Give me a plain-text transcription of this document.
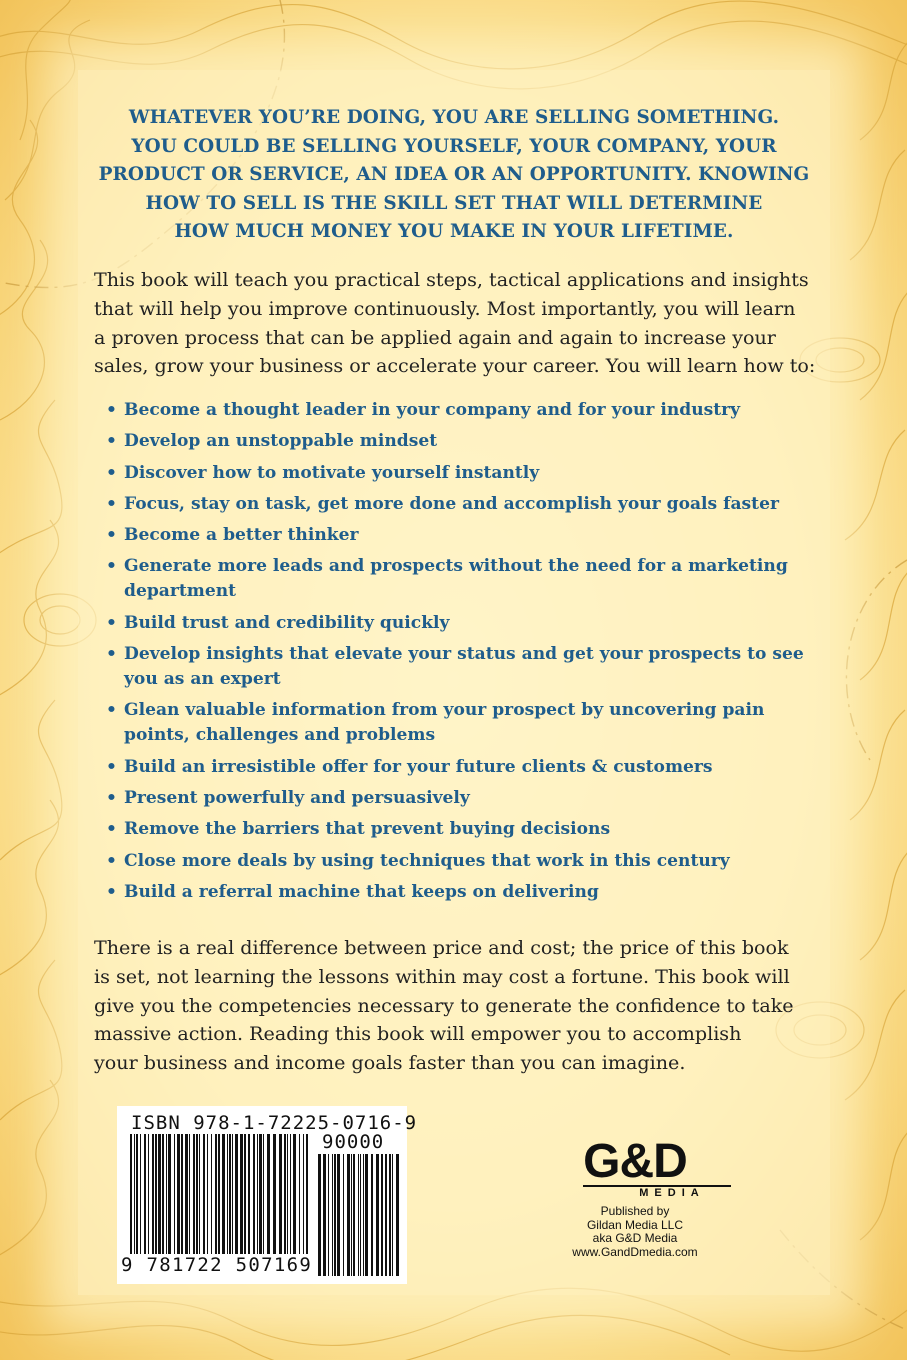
WHATEVER YOU’RE DOING, YOU ARE SELLING SOMETHING.
YOU COULD BE SELLING YOURSELF, YOUR COMPANY, YOUR
PRODUCT OR SERVICE, AN IDEA OR AN OPPORTUNITY. KNOWING
HOW TO SELL IS THE SKILL SET THAT WILL DETERMINE
HOW MUCH MONEY YOU MAKE IN YOUR LIFETIME.
This book will teach you practical steps, tactical applications and insights
that will help you improve continuously. Most importantly, you will learn
a proven process that can be applied again and again to increase your
sales, grow your business or accelerate your career. You will learn how to:
• Become a thought leader in your company and for your industry
• Develop an unstoppable mindset
• Discover how to motivate yourself instantly
• Focus, stay on task, get more done and accomplish your goals faster
• Become a better thinker
• Generate more leads and prospects without the need for a marketing
department
• Build trust and credibility quickly
• Develop insights that elevate your status and get your prospects to see
you as an expert
• Glean valuable information from your prospect by uncovering pain
points, challenges and problems
• Build an irresistible offer for your future clients & customers
• Present powerfully and persuasively
• Remove the barriers that prevent buying decisions
• Close more deals by using techniques that work in this century
• Build a referral machine that keeps on delivering
There is a real difference between price and cost; the price of this book
is set, not learning the lessons within may cost a fortune. This book will
give you the competencies necessary to generate the confidence to take
massive action. Reading this book will empower you to accomplish
your business and income goals faster than you can imagine.
ISBN 978-1-72225-0716-9
90000
9 781722 507169
G&D
MEDIA
Published by
Gildan Media LLC
aka G&D Media
www.GandDmedia.com
